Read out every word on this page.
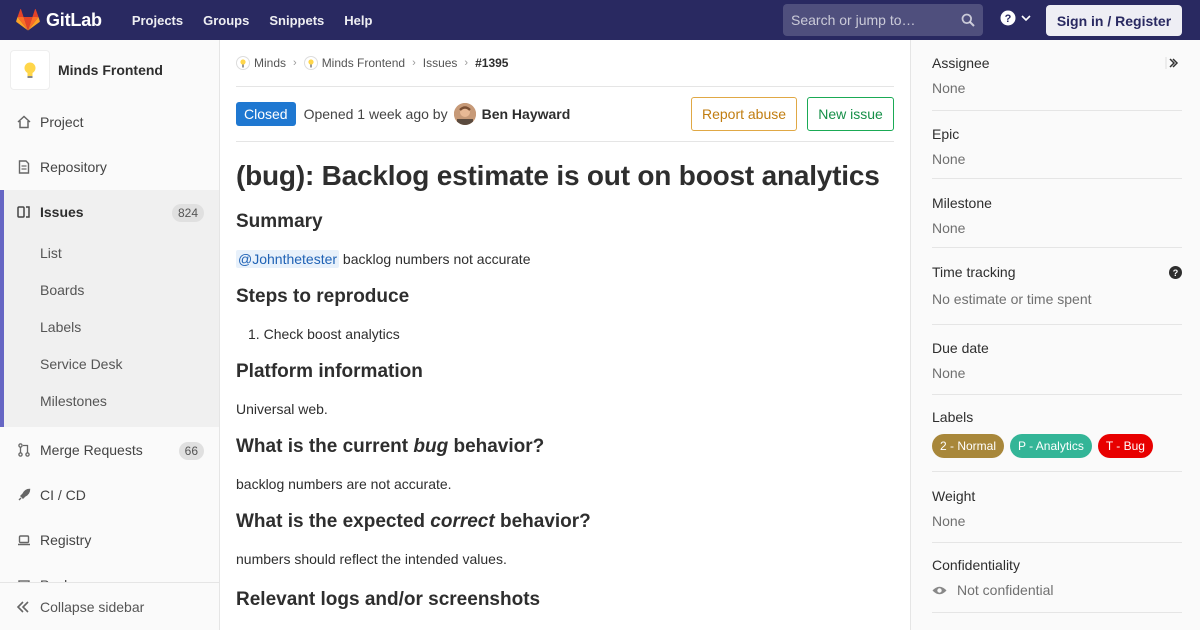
GitLab	Projects	Groups	Snippets	Help	Search or jump to…	?	Sign in / Register
Minds Frontend
Project
Repository
Issues	824
List
Boards
Labels
Service Desk
Milestones
Merge Requests	66
CI / CD
Registry
Collapse sidebar
Minds › Minds Frontend › Issues › #1395
Closed	Opened 1 week ago by Ben Hayward	Report abuse	New issue
(bug): Backlog estimate is out on boost analytics
Summary
@Johnthetester backlog numbers not accurate
Steps to reproduce
1. Check boost analytics
Platform information
Universal web.
What is the current bug behavior?
backlog numbers are not accurate.
What is the expected correct behavior?
numbers should reflect the intended values.
Relevant logs and/or screenshots
Assignee
None
Epic
None
Milestone
None
Time tracking
No estimate or time spent
?
Due date
None
Labels
2 - Normal	P - Analytics	T - Bug
Weight
None
Confidentiality
Not confidential
